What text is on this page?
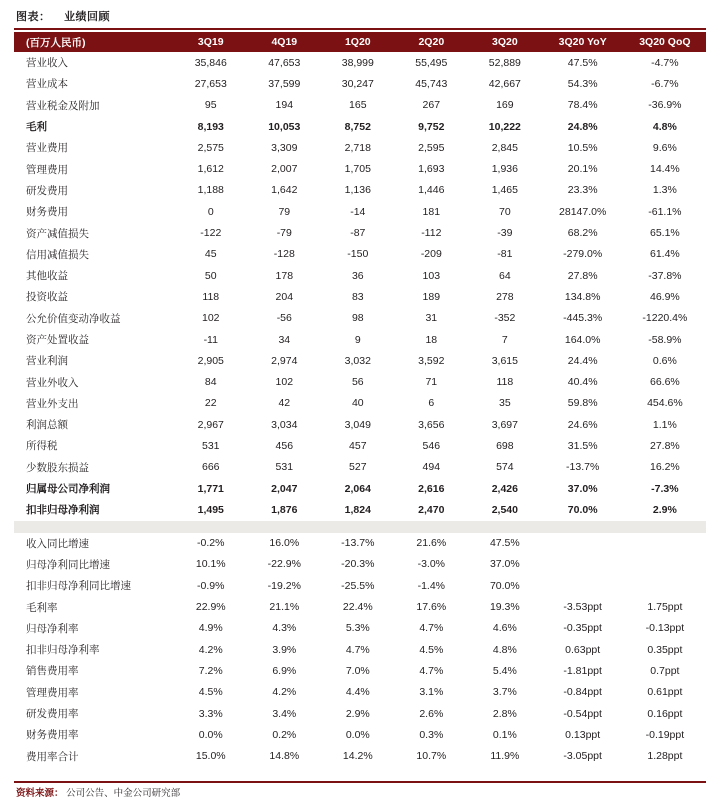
图表： 业绩回顾
(百万人民币)	3Q19	4Q19	1Q20	2Q20	3Q20	3Q20 YoY	3Q20 QoQ
营业收入	35,846	47,653	38,999	55,495	52,889	47.5%	-4.7%
营业成本	27,653	37,599	30,247	45,743	42,667	54.3%	-6.7%
营业税金及附加	95	194	165	267	169	78.4%	-36.9%
毛利	8,193	10,053	8,752	9,752	10,222	24.8%	4.8%
营业费用	2,575	3,309	2,718	2,595	2,845	10.5%	9.6%
管理费用	1,612	2,007	1,705	1,693	1,936	20.1%	14.4%
研发费用	1,188	1,642	1,136	1,446	1,465	23.3%	1.3%
财务费用	0	79	-14	181	70	28147.0%	-61.1%
资产减值损失	-122	-79	-87	-112	-39	68.2%	65.1%
信用减值损失	45	-128	-150	-209	-81	-279.0%	61.4%
其他收益	50	178	36	103	64	27.8%	-37.8%
投资收益	118	204	83	189	278	134.8%	46.9%
公允价值变动净收益	102	-56	98	31	-352	-445.3%	-1220.4%
资产处置收益	-11	34	9	18	7	164.0%	-58.9%
营业利润	2,905	2,974	3,032	3,592	3,615	24.4%	0.6%
营业外收入	84	102	56	71	118	40.4%	66.6%
营业外支出	22	42	40	6	35	59.8%	454.6%
利润总额	2,967	3,034	3,049	3,656	3,697	24.6%	1.1%
所得税	531	456	457	546	698	31.5%	27.8%
少数股东损益	666	531	527	494	574	-13.7%	16.2%
归属母公司净利润	1,771	2,047	2,064	2,616	2,426	37.0%	-7.3%
扣非归母净利润	1,495	1,876	1,824	2,470	2,540	70.0%	2.9%

收入同比增速	-0.2%	16.0%	-13.7%	21.6%	47.5%		
归母净利同比增速	10.1%	-22.9%	-20.3%	-3.0%	37.0%		
扣非归母净利同比增速	-0.9%	-19.2%	-25.5%	-1.4%	70.0%		
毛利率	22.9%	21.1%	22.4%	17.6%	19.3%	-3.53ppt	1.75ppt
归母净利率	4.9%	4.3%	5.3%	4.7%	4.6%	-0.35ppt	-0.13ppt
扣非归母净利率	4.2%	3.9%	4.7%	4.5%	4.8%	0.63ppt	0.35ppt
销售费用率	7.2%	6.9%	7.0%	4.7%	5.4%	-1.81ppt	0.7ppt
管理费用率	4.5%	4.2%	4.4%	3.1%	3.7%	-0.84ppt	0.61ppt
研发费用率	3.3%	3.4%	2.9%	2.6%	2.8%	-0.54ppt	0.16ppt
财务费用率	0.0%	0.2%	0.0%	0.3%	0.1%	0.13ppt	-0.19ppt
费用率合计	15.0%	14.8%	14.2%	10.7%	11.9%	-3.05ppt	1.28ppt
资料来源： 公司公告、中金公司研究部
